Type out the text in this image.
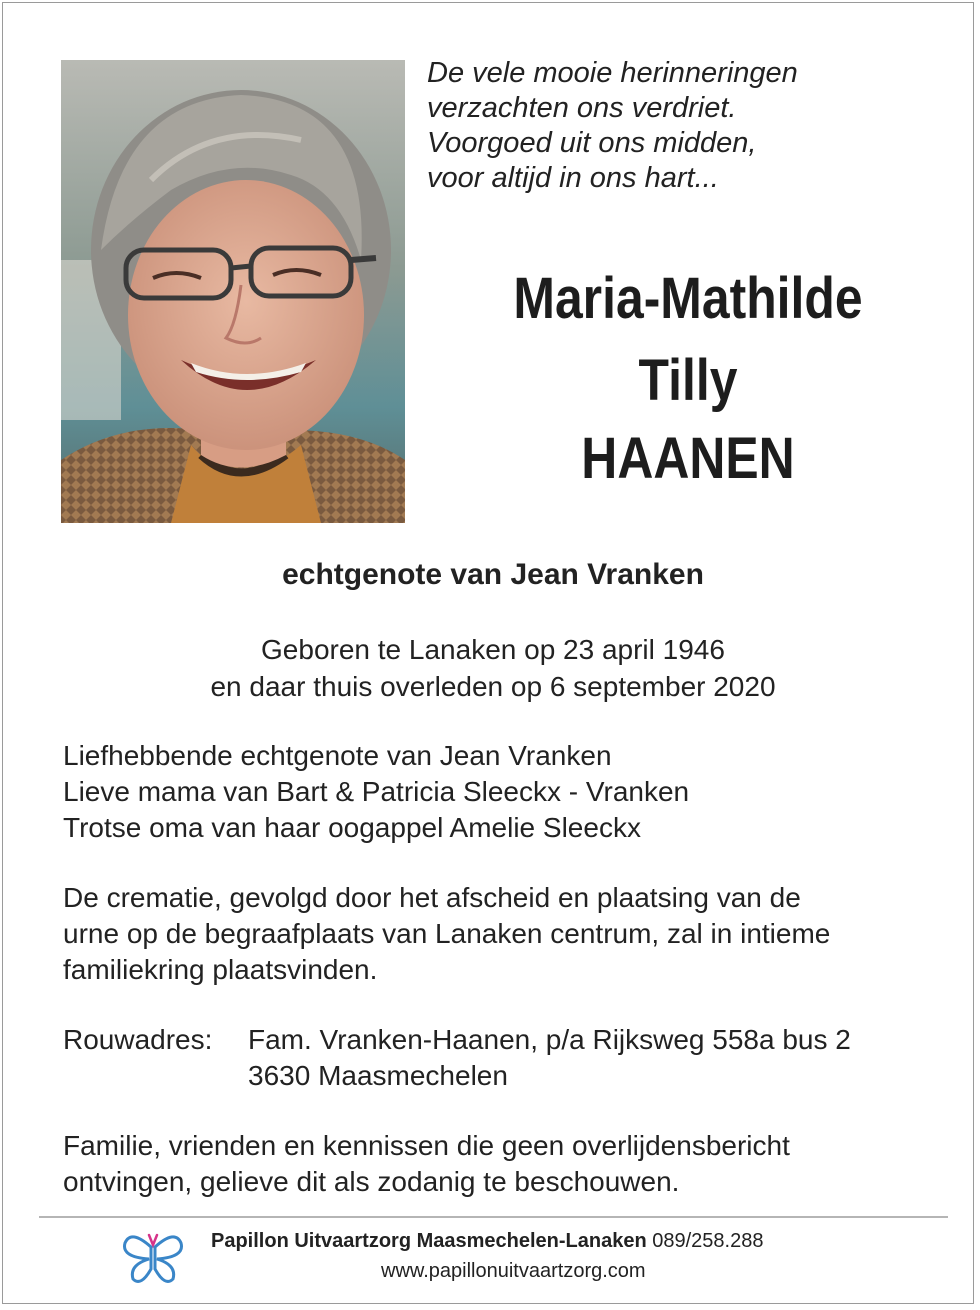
De vele mooie herinneringen
verzachten ons verdriet.
Voorgoed uit ons midden,
voor altijd in ons hart...
Maria-Mathilde
Tilly
HAANEN
echtgenote van Jean Vranken
Geboren te Lanaken op 23 april 1946
en daar thuis overleden op 6 september 2020
Liefhebbende echtgenote van Jean Vranken
Lieve mama van Bart & Patricia Sleeckx - Vranken
Trotse oma van haar oogappel Amelie Sleeckx
De crematie, gevolgd door het afscheid en plaatsing van de
urne op de begraafplaats van Lanaken centrum, zal in intieme
familiekring plaatsvinden.
Rouwadres: Fam. Vranken-Haanen, p/a Rijksweg 558a bus 2
3630 Maasmechelen
Familie, vrienden en kennissen die geen overlijdensbericht
ontvingen, gelieve dit als zodanig te beschouwen.
Papillon Uitvaartzorg Maasmechelen-Lanaken 089/258.288
www.papillonuitvaartzorg.com
